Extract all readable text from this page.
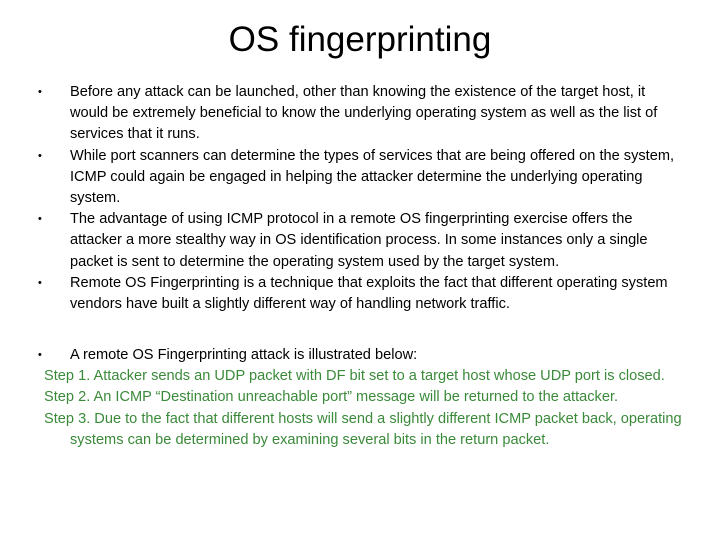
OS fingerprinting
• Before any attack can be launched, other than knowing the existence of the target host, it would be extremely beneficial to know the underlying operating system as well as the list of services that it runs.
• While port scanners can determine the types of services that are being offered on the system, ICMP could again be engaged in helping the attacker determine the underlying operating system.
• The advantage of using ICMP protocol in a remote OS fingerprinting exercise offers the attacker a more stealthy way in OS identification process. In some instances only a single packet is sent to determine the operating system used by the target system.
• Remote OS Fingerprinting is a technique that exploits the fact that different operating system vendors have built a slightly different way of handling network traffic.
• A remote OS Fingerprinting attack is illustrated below:
Step 1. Attacker sends an UDP packet with DF bit set to a target host whose UDP port is closed.
Step 2. An ICMP “Destination unreachable port” message will be returned to the attacker.
Step 3. Due to the fact that different hosts will send a slightly different ICMP packet back, operating systems can be determined by examining several bits in the return packet.
